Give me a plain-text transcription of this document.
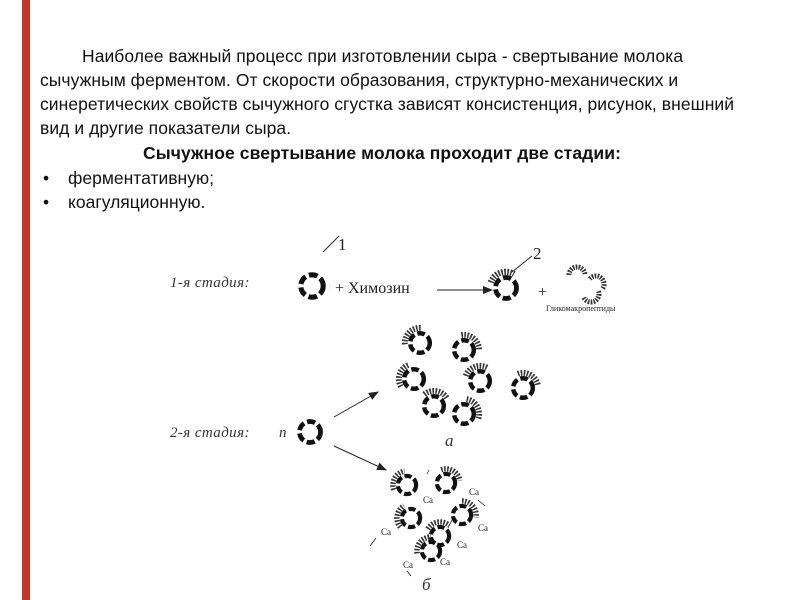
Наиболее важный процесс при изготовлении сыра - свертывание молока сычужным ферментом. От скорости образования, структурно-механических и синеретических свойств сычужного сгустка зависят консистенция, рисунок, внешний вид и другие показатели сыра.

Сычужное свертывание молока проходит две стадии:
• ферментативную;
• коагуляционную.
1-я стадия:
1
+ Химозин
2
+
Гликомакропептиды
2-я стадия: n	а
Ca
Ca
Ca
Ca
Ca
Ca
Ca
б
